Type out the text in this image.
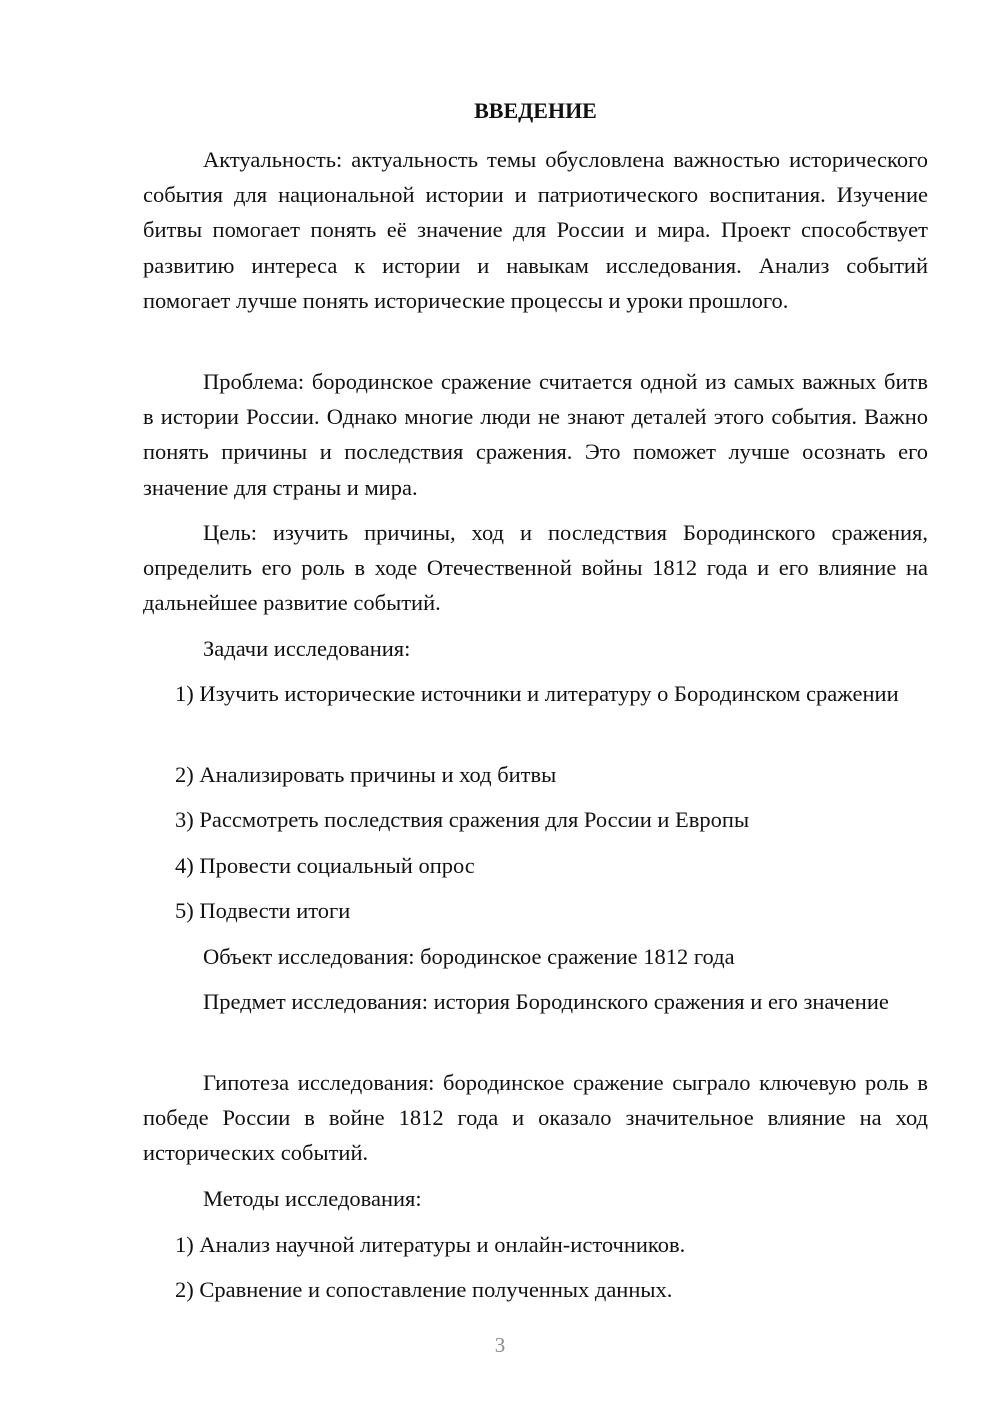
ВВЕДЕНИЕ

Актуальность: актуальность темы обусловлена важностью исторического события для национальной истории и патриотического воспитания. Изучение битвы помогает понять её значение для России и мира. Проект способствует развитию интереса к истории и навыкам исследования. Анализ событий помогает лучше понять исторические процессы и уроки прошлого.

Проблема: бородинское сражение считается одной из самых важных битв в истории России. Однако многие люди не знают деталей этого события. Важно понять причины и последствия сражения. Это поможет лучше осознать его значение для страны и мира.

Цель: изучить причины, ход и последствия Бородинского сражения, определить его роль в ходе Отечественной войны 1812 года и его влияние на дальнейшее развитие событий.

Задачи исследования:

1) Изучить исторические источники и литературу о Бородинском сражении

2) Анализировать причины и ход битвы

3) Рассмотреть последствия сражения для России и Европы

4) Провести социальный опрос

5) Подвести итоги

Объект исследования: бородинское сражение 1812 года

Предмет исследования: история Бородинского сражения и его значение

Гипотеза исследования: бородинское сражение сыграло ключевую роль в победе России в войне 1812 года и оказало значительное влияние на ход исторических событий.

Методы исследования:

1) Анализ научной литературы и онлайн-источников.

2) Сравнение и сопоставление полученных данных.

3
